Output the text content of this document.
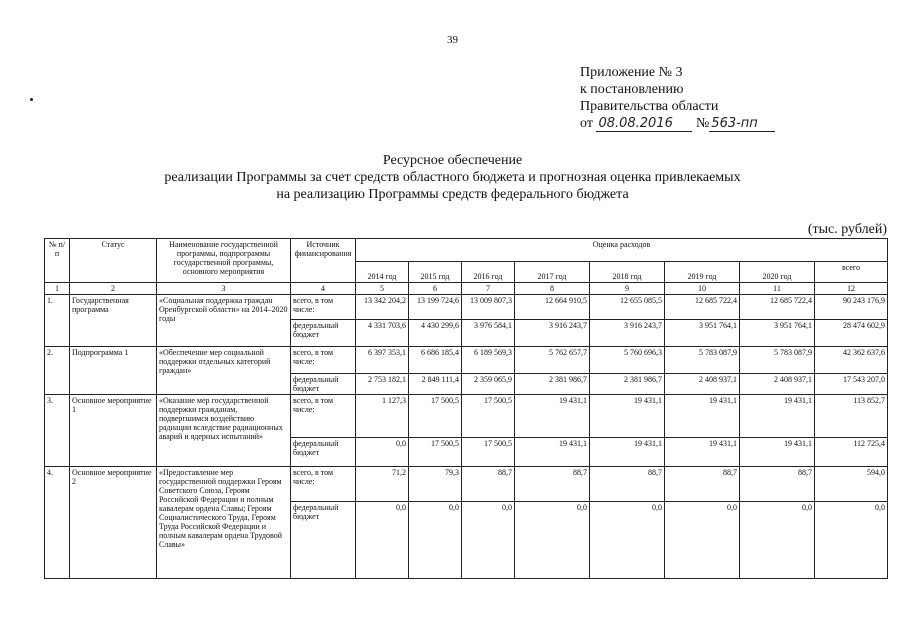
39
Приложение № 3
к постановлению
Правительства области
от 08.08.2016 № 563-пп
Ресурсное обеспечение
реализации Программы за счет средств областного бюджета и прогнозная оценка привлекаемых
на реализацию Программы средств федерального бюджета
(тыс. рублей)
№ п/п	Статус	Наименование государственной программы, подпрограммы государственной программы, основного мероприятия	Источник финансирования	Оценка расходов							
				2014 год	2015 год	2016 год	2017 год	2018 год	2019 год	2020 год	всего
1	2	3	4	5	6	7	8	9	10	11	12
1.	Государственная программа	«Социальная поддержка граждан Оренбургской области» на 2014–2020 годы	всего, в том числе:	13 342 204,2	13 199 724,6	13 009 807,3	12 664 910,5	12 655 085,5	12 685 722,4	12 685 722,4	90 243 176,9
			федеральный бюджет	4 331 703,6	4 430 299,6	3 976 584,1	3 916 243,7	3 916 243,7	3 951 764,1	3 951 764,1	28 474 602,9
2.	Подпрограмма 1	«Обеспечение мер социальной поддержки отдельных категорий граждан»	всего, в том числе:	6 397 353,1	6 686 185,4	6 189 569,3	5 762 657,7	5 760 696,3	5 783 087,9	5 783 087,9	42 362 637,6
			федеральный бюджет	2 753 182,1	2 849 111,4	2 359 065,9	2 381 986,7	2 381 986,7	2 408 937,1	2 408 937,1	17 543 207,0
3.	Основное мероприятие 1	«Оказание мер государственной поддержки гражданам, подвергшимся воздействию радиации вследствие радиационных аварий и ядерных испытаний»	всего, в том числе:	1 127,3	17 500,5	17 500,5	19 431,1	19 431,1	19 431,1	19 431,1	113 852,7
			федеральный бюджет	0,0	17 500,5	17 500,5	19 431,1	19 431,1	19 431,1	19 431,1	112 725,4
4.	Основное мероприятие 2	«Предоставление мер государственной поддержки Героям Советского Союза, Героям Российской Федерации и полным кавалерам ордена Славы; Героям Социалистического Труда, Героям Труда Российской Федерации и полным кавалерам ордена Трудовой Славы»	всего, в том числе:	71,2	79,3	88,7	88,7	88,7	88,7	88,7	594,0
			федеральный бюджет	0,0	0,0	0,0	0,0	0,0	0,0	0,0	0,0
